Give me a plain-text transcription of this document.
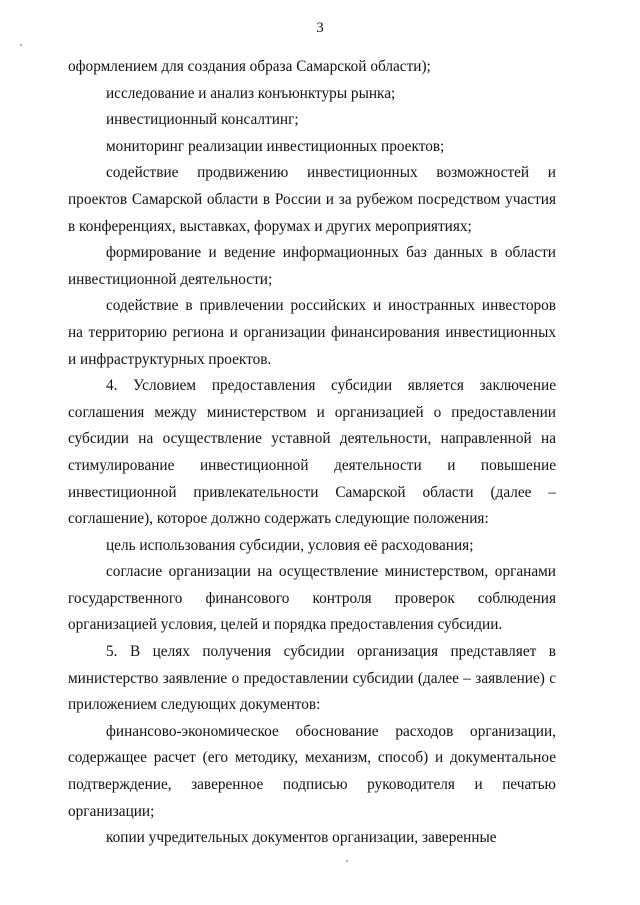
3

оформлением для создания образа Самарской области);

исследование и анализ конъюнктуры рынка;

инвестиционный консалтинг;

мониторинг реализации инвестиционных проектов;

содействие продвижению инвестиционных возможностей и проектов Самарской области в России и за рубежом посредством участия в конференциях, выставках, форумах и других мероприятиях;

формирование и ведение информационных баз данных в области инвестиционной деятельности;

содействие в привлечении российских и иностранных инвесторов на территорию региона и организации финансирования инвестиционных и инфраструктурных проектов.

4. Условием предоставления субсидии является заключение соглашения между министерством и организацией о предоставлении субсидии на осуществление уставной деятельности, направленной на стимулирование инвестиционной деятельности и повышение инвестиционной привлекательности Самарской области (далее – соглашение), которое должно содержать следующие положения:

цель использования субсидии, условия её расходования;

согласие организации на осуществление министерством, органами государственного финансового контроля проверок соблюдения организацией условия, целей и порядка предоставления субсидии.

5. В целях получения субсидии организация представляет в министерство заявление о предоставлении субсидии (далее – заявление) с приложением следующих документов:

финансово-экономическое обоснование расходов организации, содержащее расчет (его методику, механизм, способ) и документальное подтверждение, заверенное подписью руководителя и печатью организации;

копии учредительных документов организации, заверенные
